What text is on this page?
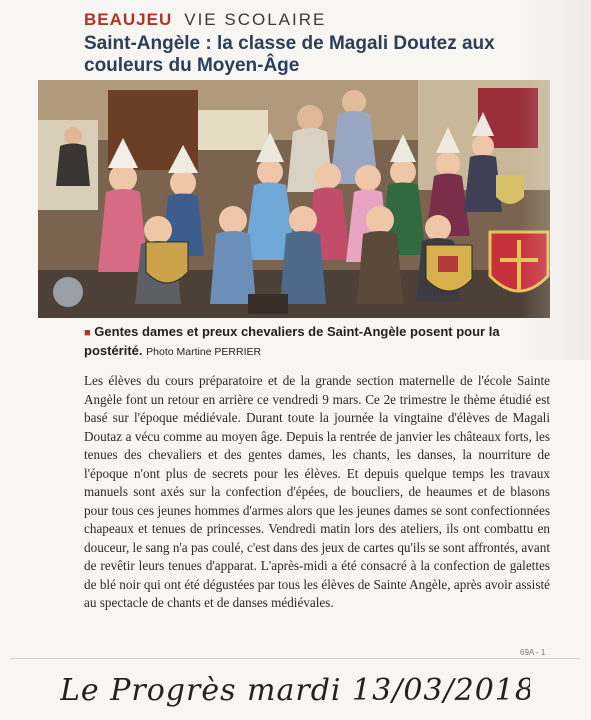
BEAUJEU VIE SCOLAIRE
Saint-Angèle : la classe de Magali Doutez aux couleurs du Moyen-Âge
■ Gentes dames et preux chevaliers de Saint-Angèle posent pour la postérité. Photo Martine PERRIER

Les élèves du cours préparatoire et de la grande section maternelle de l'école Sainte Angèle font un retour en arrière ce vendredi 9 mars. Ce 2e trimestre le thème étudié est basé sur l'époque médiévale. Durant toute la journée la vingtaine d'élèves de Magali Doutaz a vécu comme au moyen âge. Depuis la rentrée de janvier les châteaux forts, les tenues des chevaliers et des gentes dames, les chants, les danses, la nourriture de l'époque n'ont plus de secrets pour les élèves. Et depuis quelque temps les travaux manuels sont axés sur la confection d'épées, de boucliers, de heaumes et de blasons pour tous ces jeunes hommes d'armes alors que les jeunes dames se sont confectionnées chapeaux et tenues de princesses. Vendredi matin lors des ateliers, ils ont combattu en douceur, le sang n'a pas coulé, c'est dans des jeux de cartes qu'ils se sont affrontés, avant de revêtir leurs tenues d'apparat. L'après-midi a été consacré à la confection de galettes de blé noir qui ont été dégustées par tous les élèves de Sainte Angèle, après avoir assisté au spectacle de chants et de danses médiévales.

69A - 1
Le Progrès mardi 13/03/2018
